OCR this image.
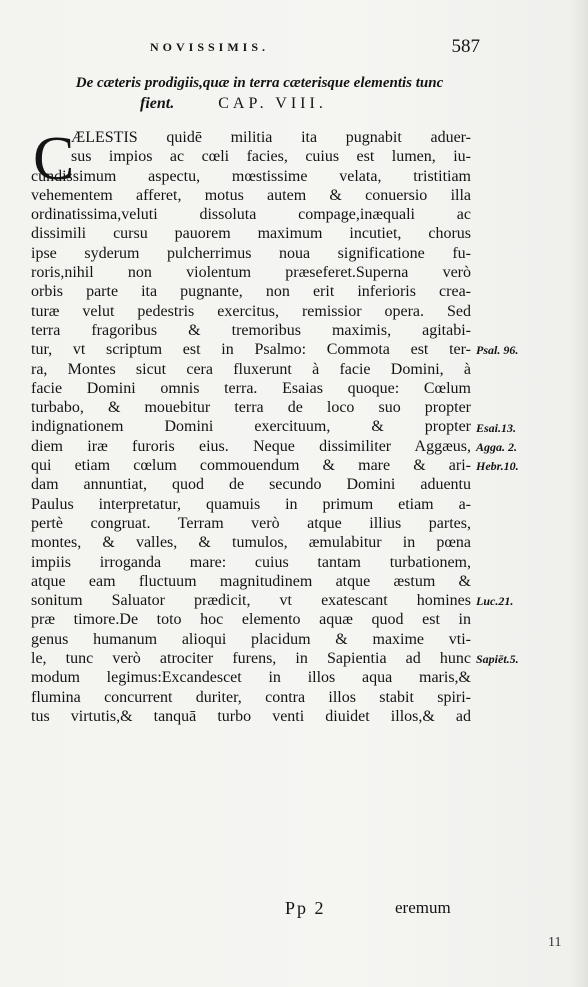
NOVISSIMIS.	587
De cæteris prodigiis,quæ in terra cæterisque elementis tunc
fient.	CAP. VIII.
C
ÆLESTIS quidē militia ita pugnabit aduer-
sus impios ac cœli facies, cuius est lumen, iu-
cundissimum aspectu, mœstissime velata, tristitiam
vehementem afferet, motus autem & conuersio illa
ordinatissima,veluti dissoluta compage,inæquali ac
dissimili cursu pauorem maximum incutiet, chorus
ipse syderum pulcherrimus noua significatione fu-
roris,nihil non violentum præseferet.Superna verò
orbis parte ita pugnante, non erit inferioris crea-
turæ velut pedestris exercitus, remissior opera. Sed
terra fragoribus & tremoribus maximis, agitabi-
tur, vt scriptum est in Psalmo: Commota est ter-
ra, Montes sicut cera fluxerunt à facie Domini, à
facie Domini omnis terra. Esaias quoque: Cœlum
turbabo, & mouebitur terra de loco suo propter
indignationem Domini exercituum, & propter
diem iræ furoris eius. Neque dissimiliter Aggæus,
qui etiam cœlum commouendum & mare & ari-
dam annuntiat, quod de secundo Domini aduentu
Paulus interpretatur, quamuis in primum etiam a-
pertè congruat. Terram verò atque illius partes,
montes, & valles, & tumulos, æmulabitur in pœna
impiis irroganda mare: cuius tantam turbationem,
atque eam fluctuum magnitudinem atque æstum &
sonitum Saluator prædicit, vt exatescant homines
præ timore.De toto hoc elemento aquæ quod est in
genus humanum alioqui placidum & maxime vti-
le, tunc verò atrociter furens, in Sapientia ad hunc
modum legimus:Excandescet in illos aqua maris,&
flumina concurrent duriter, contra illos stabit spiri-
tus virtutis,& tanquā turbo venti diuidet illos,& ad
Psal. 96.
Esai.13.
Agga. 2.
Hebr.10.
Luc.21.
Sapiēt.5.
Pp 2	eremum
11
